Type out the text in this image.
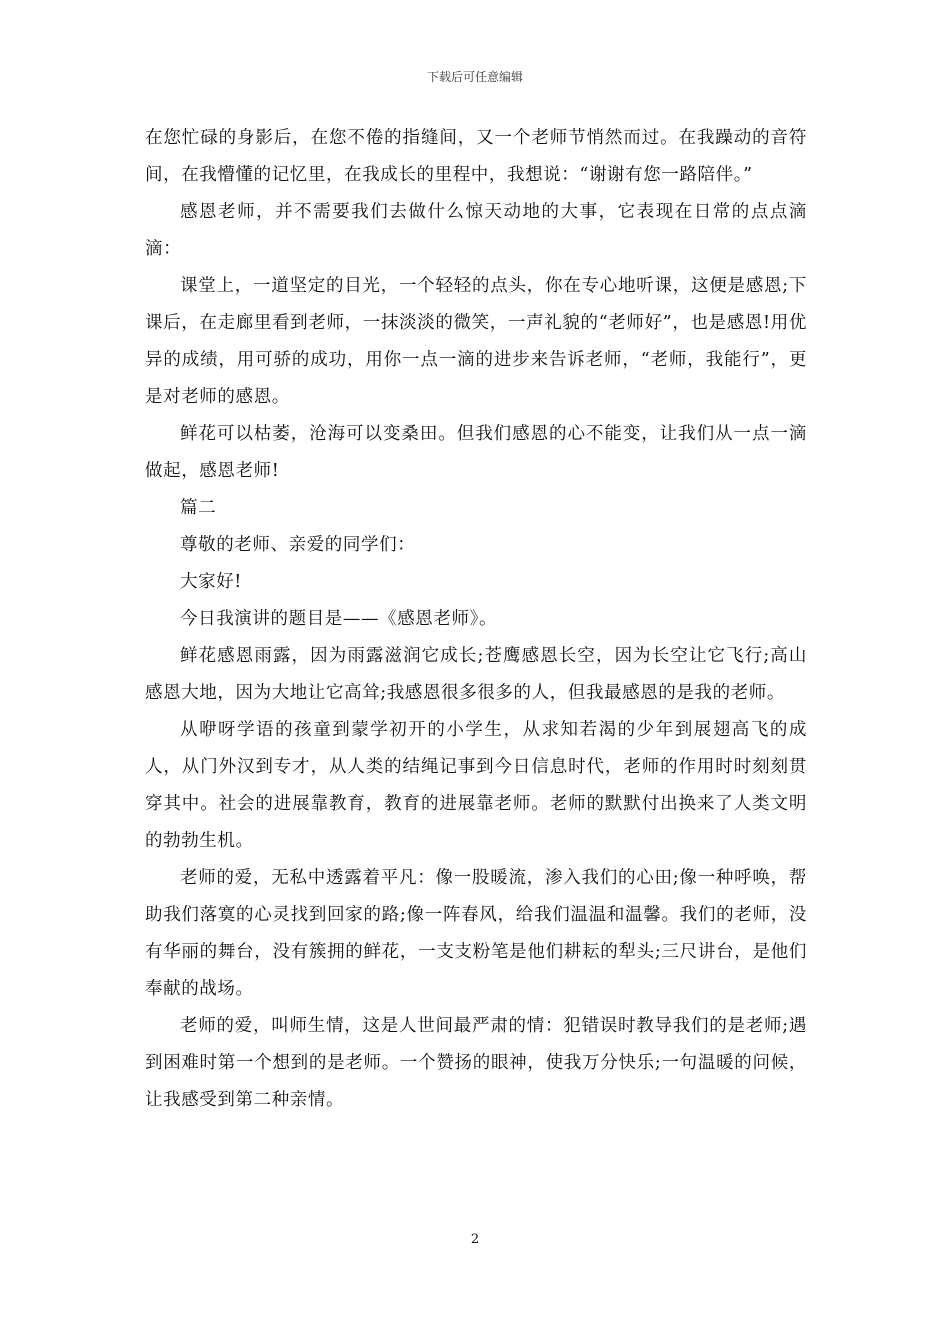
下载后可任意编辑

在您忙碌的身影后，在您不倦的指缝间，又一个老师节悄然而过。在我躁动的音符间，在我懵懂的记忆里，在我成长的里程中，我想说：“谢谢有您一路陪伴。”

感恩老师，并不需要我们去做什么惊天动地的大事，它表现在日常的点点滴滴：

课堂上，一道坚定的目光，一个轻轻的点头，你在专心地听课，这便是感恩;下课后，在走廊里看到老师，一抹淡淡的微笑，一声礼貌的“老师好”，也是感恩!用优异的成绩，用可骄的成功，用你一点一滴的进步来告诉老师，“老师，我能行”，更是对老师的感恩。

鲜花可以枯萎，沧海可以变桑田。但我们感恩的心不能变，让我们从一点一滴做起，感恩老师!

篇二

尊敬的老师、亲爱的同学们：

大家好!

今日我演讲的题目是——《感恩老师》。

鲜花感恩雨露，因为雨露滋润它成长;苍鹰感恩长空，因为长空让它飞行;高山感恩大地，因为大地让它高耸;我感恩很多很多的人，但我最感恩的是我的老师。

从咿呀学语的孩童到蒙学初开的小学生，从求知若渴的少年到展翅高飞的成人，从门外汉到专才，从人类的结绳记事到今日信息时代，老师的作用时时刻刻贯穿其中。社会的进展靠教育，教育的进展靠老师。老师的默默付出换来了人类文明的勃勃生机。

老师的爱，无私中透露着平凡：像一股暖流，渗入我们的心田;像一种呼唤，帮助我们落寞的心灵找到回家的路;像一阵春风，给我们温温和温馨。我们的老师，没有华丽的舞台，没有簇拥的鲜花，一支支粉笔是他们耕耘的犁头;三尺讲台，是他们奉献的战场。

老师的爱，叫师生情，这是人世间最严肃的情：犯错误时教导我们的是老师;遇到困难时第一个想到的是老师。一个赞扬的眼神，使我万分快乐;一句温暖的问候，让我感受到第二种亲情。

2
